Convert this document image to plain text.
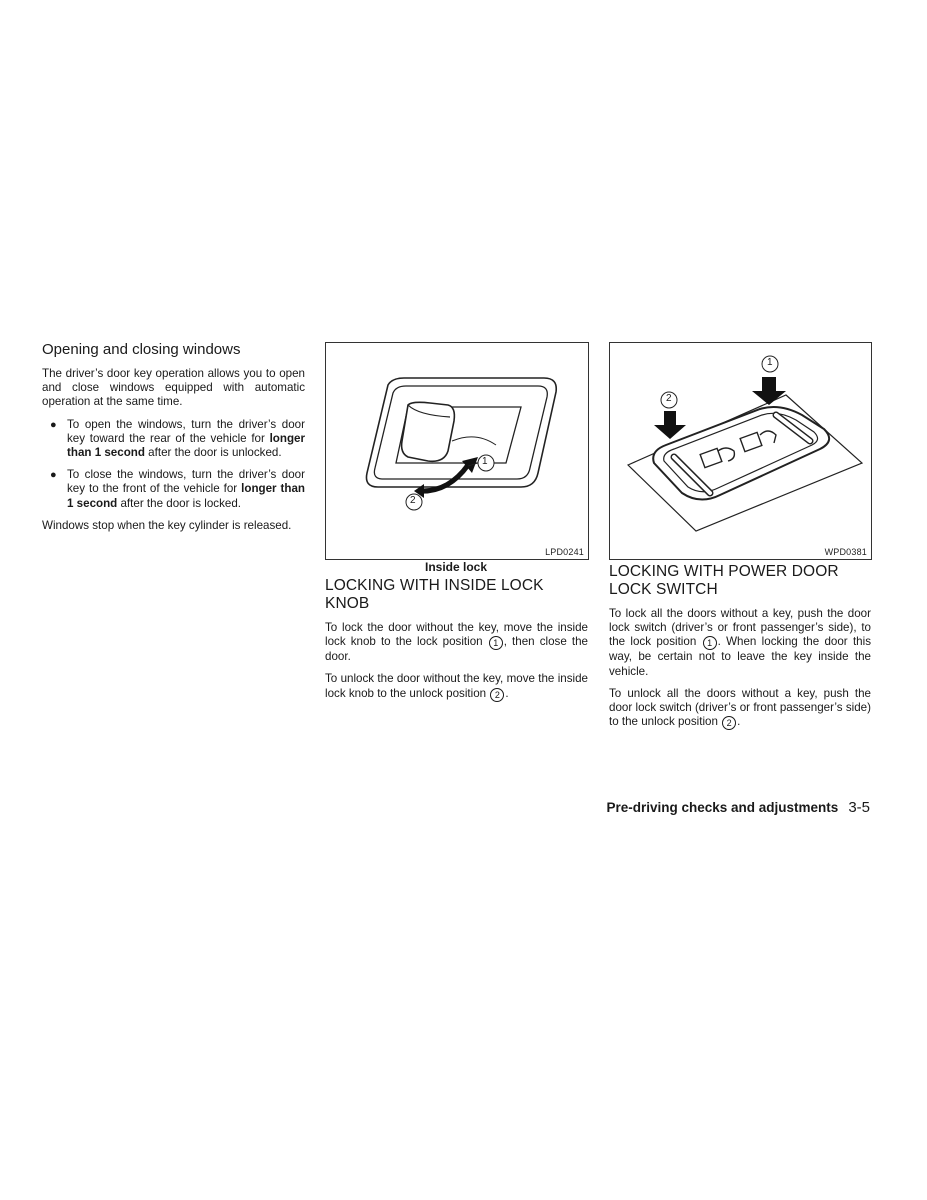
Opening and closing windows

The driver’s door key operation allows you to open and close windows equipped with automatic operation at the same time.

● To open the windows, turn the driver’s door key toward the rear of the vehicle for longer than 1 second after the door is unlocked.
● To close the windows, turn the driver’s door key to the front of the vehicle for longer than 1 second after the door is locked.

Windows stop when the key cylinder is released.

1
2
LPD0241
Inside lock
LOCKING WITH INSIDE LOCK KNOB

To lock the door without the key, move the inside lock knob to the lock position 1 , then close the door.

To unlock the door without the key, move the inside lock knob to the unlock position 2 .

1
2
WPD0381
LOCKING WITH POWER DOOR LOCK SWITCH

To lock all the doors without a key, push the door lock switch (driver’s or front passenger’s side), to the lock position 1 . When locking the door this way, be certain not to leave the key inside the vehicle.

To unlock all the doors without a key, push the door lock switch (driver’s or front passenger’s side) to the unlock position 2 .

Pre-driving checks and adjustments 3-5
